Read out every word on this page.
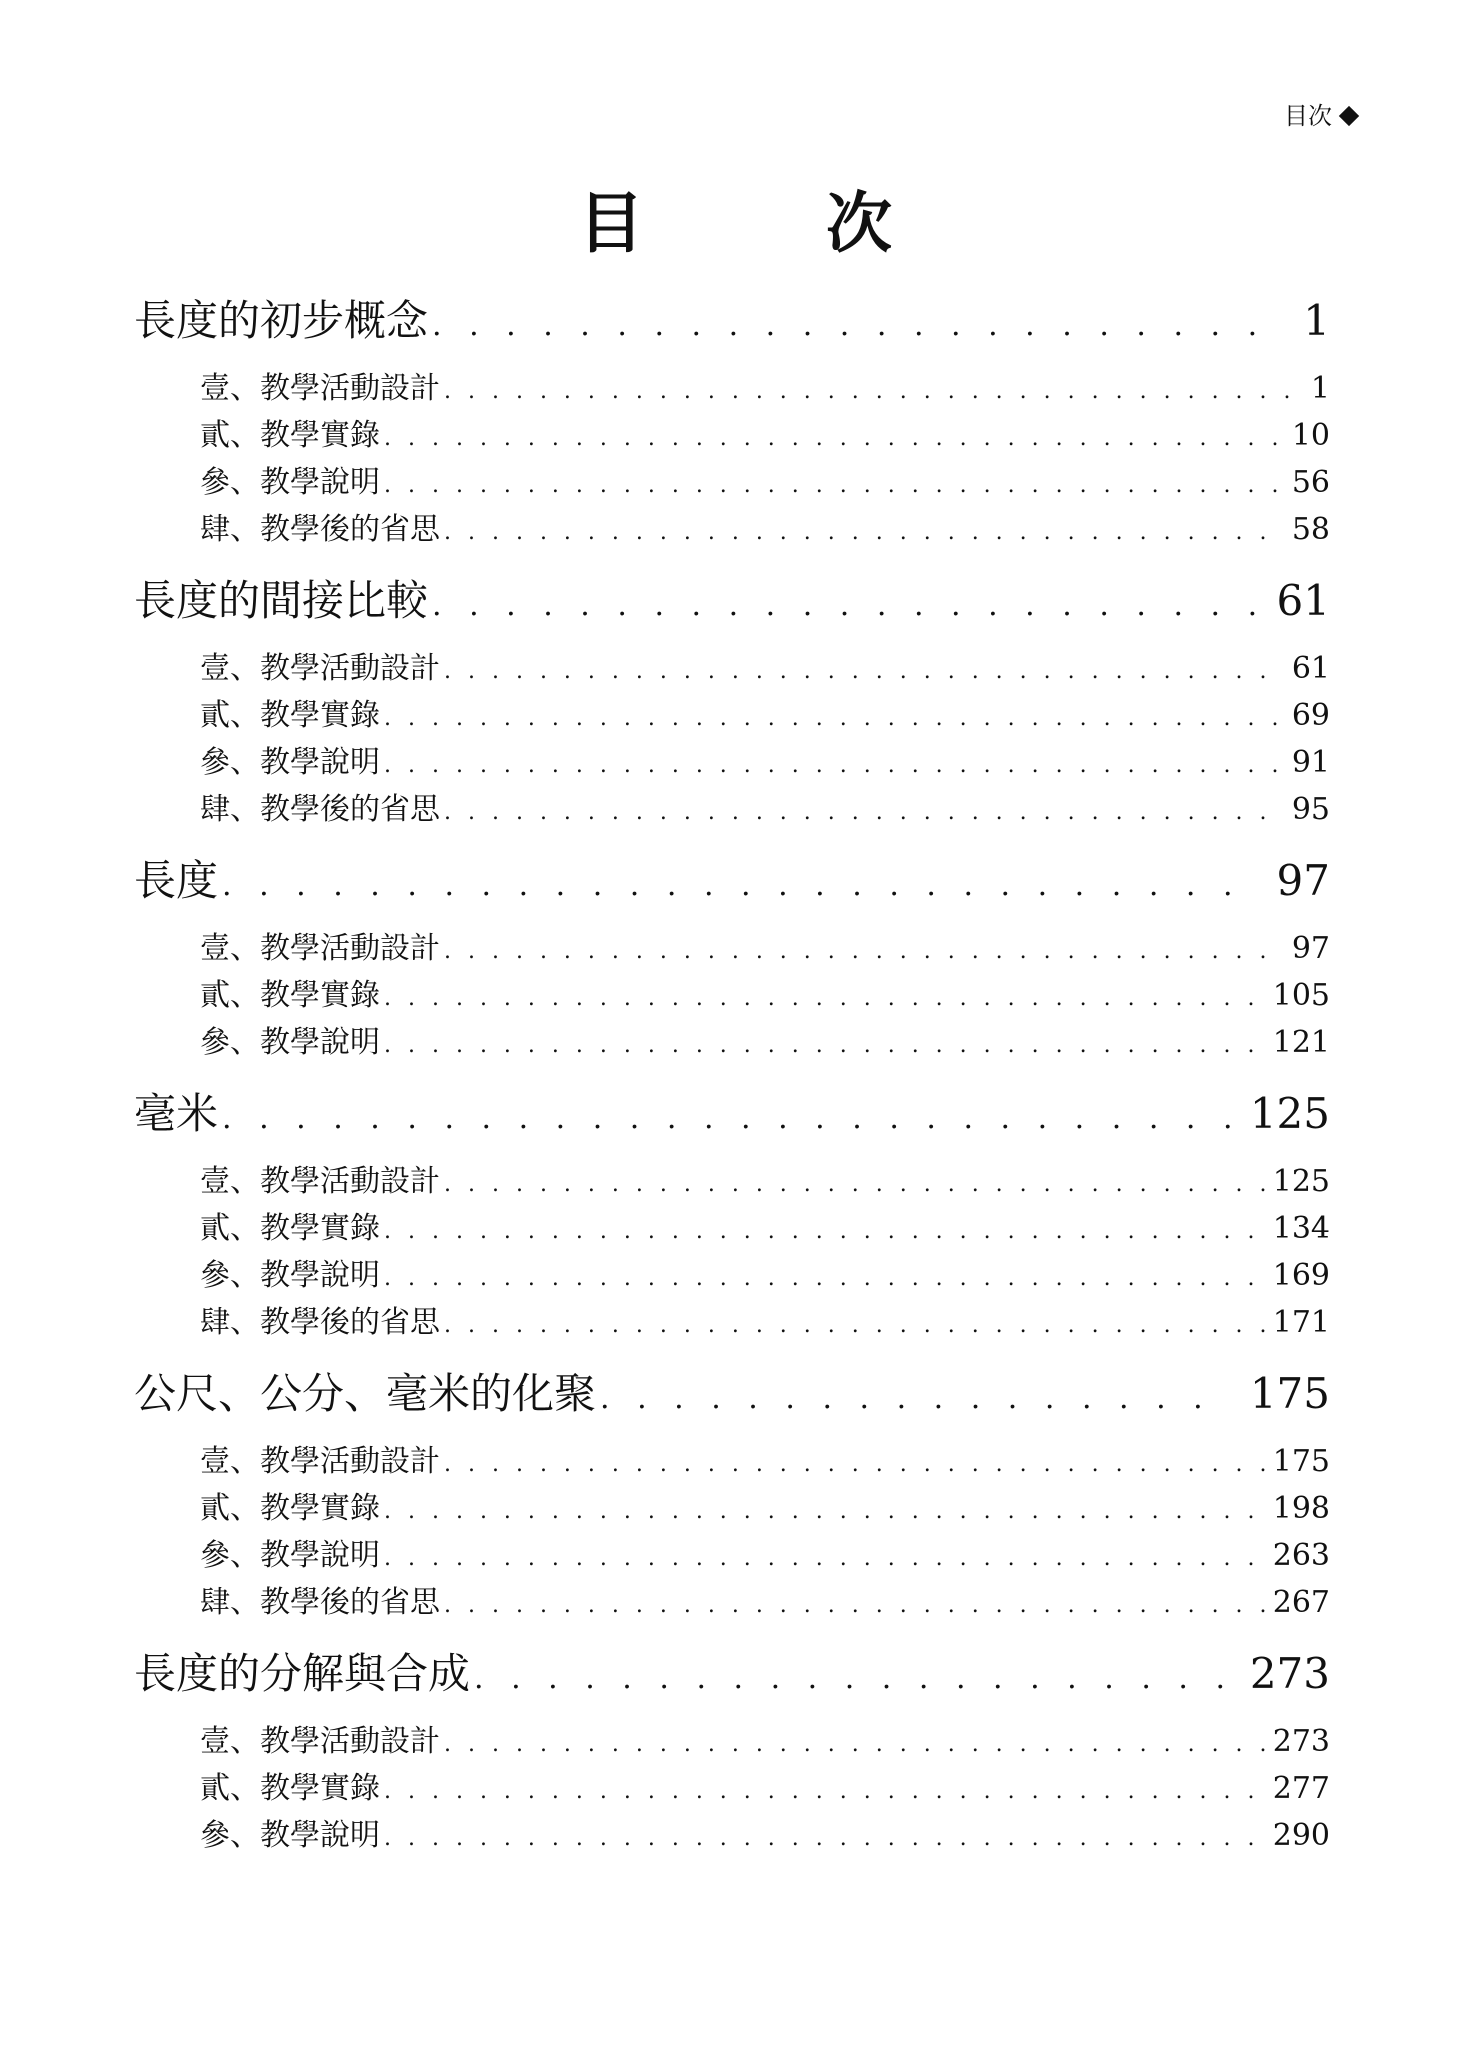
目次
目　次
長度的初步概念 . . .	1
壹、教學活動設計 . . .	1
貳、教學實錄 . . .	10
參、教學說明 . . .	56
肆、教學後的省思 . . .	58
長度的間接比較 . . .	61
壹、教學活動設計 . . .	61
貳、教學實錄 . . .	69
參、教學說明 . . .	91
肆、教學後的省思 . . .	95
長度 . . .	97
壹、教學活動設計 . . .	97
貳、教學實錄 . . .	105
參、教學說明 . . .	121
毫米 . . .	125
壹、教學活動設計 . . .	125
貳、教學實錄 . . .	134
參、教學說明 . . .	169
肆、教學後的省思 . . .	171
公尺、公分、毫米的化聚 . . .	175
壹、教學活動設計 . . .	175
貳、教學實錄 . . .	198
參、教學說明 . . .	263
肆、教學後的省思 . . .	267
長度的分解與合成 . . .	273
壹、教學活動設計 . . .	273
貳、教學實錄 . . .	277
參、教學說明 . . .	290
